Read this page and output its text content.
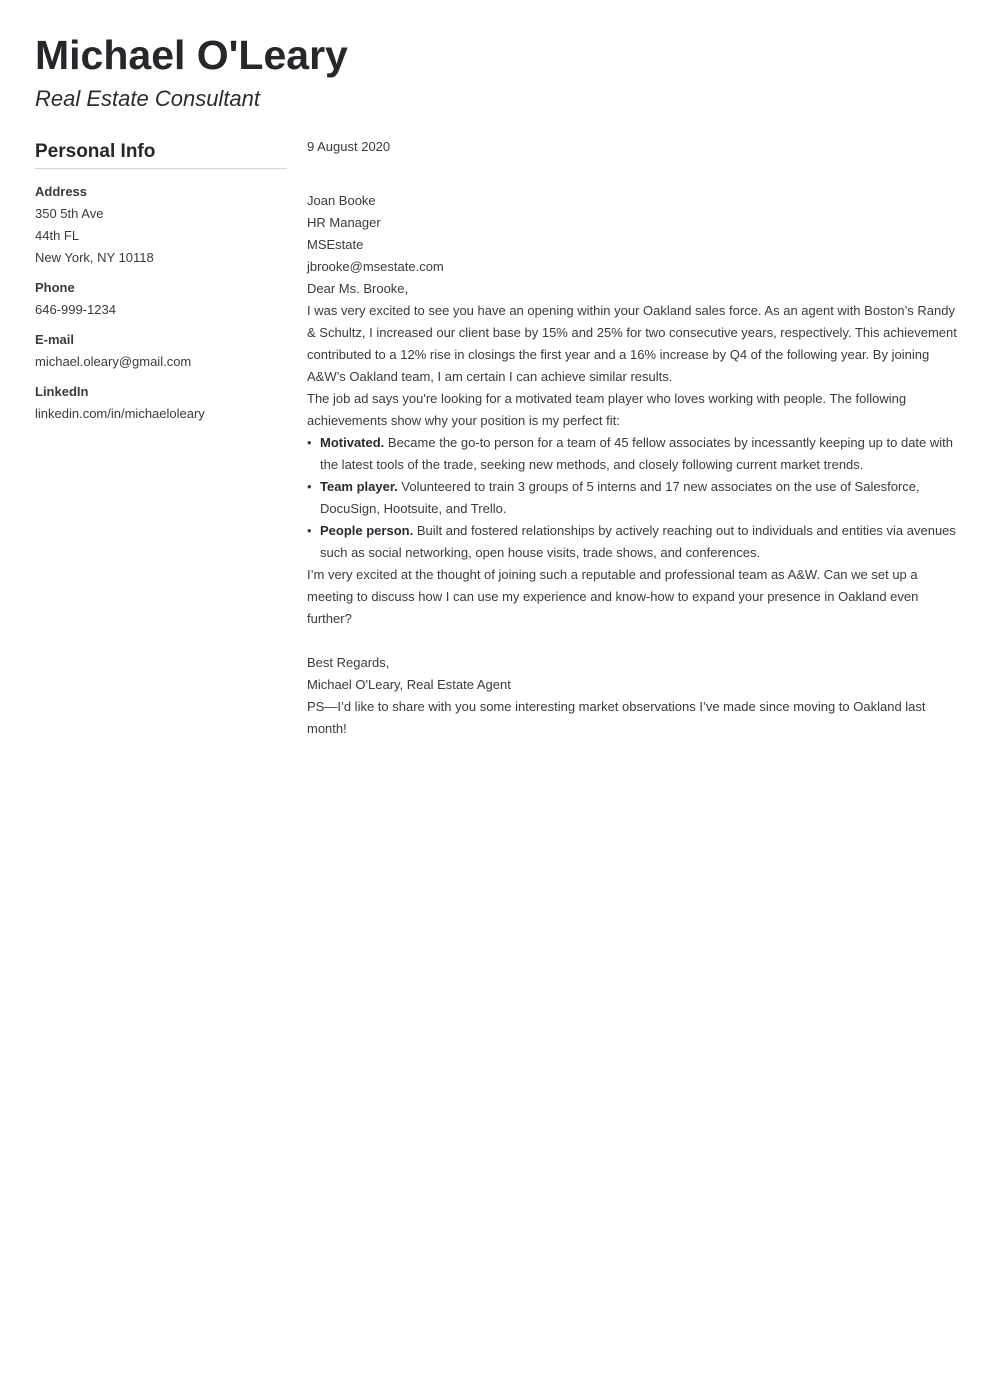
Michael O'Leary
Real Estate Consultant
Personal Info
Address
350 5th Ave
44th FL
New York, NY 10118
Phone
646-999-1234
E-mail
michael.oleary@gmail.com
LinkedIn
linkedin.com/in/michaeloleary

9 August 2020

Joan Booke

HR Manager

MSEstate

jbrooke@msestate.com

Dear Ms. Brooke,

I was very excited to see you have an opening within your Oakland sales force. As an agent with Boston’s Randy & Schultz, I increased our client base by 15% and 25% for two consecutive years, respectively. This achievement contributed to a 12% rise in closings the first year and a 16% increase by Q4 of the following year. By joining A&W’s Oakland team, I am certain I can achieve similar results.

The job ad says you're looking for a motivated team player who loves working with people. The following achievements show why your position is my perfect fit:

• Motivated. Became the go-to person for a team of 45 fellow associates by incessantly keeping up to date with the latest tools of the trade, seeking new methods, and closely following current market trends.
• Team player. Volunteered to train 3 groups of 5 interns and 17 new associates on the use of Salesforce, DocuSign, Hootsuite, and Trello.
• People person. Built and fostered relationships by actively reaching out to individuals and entities via avenues such as social networking, open house visits, trade shows, and conferences.

I’m very excited at the thought of joining such a reputable and professional team as A&W. Can we set up a meeting to discuss how I can use my experience and know-how to expand your presence in Oakland even further?

Best Regards,

Michael O'Leary, Real Estate Agent

PS—I’d like to share with you some interesting market observations I’ve made since moving to Oakland last month!
